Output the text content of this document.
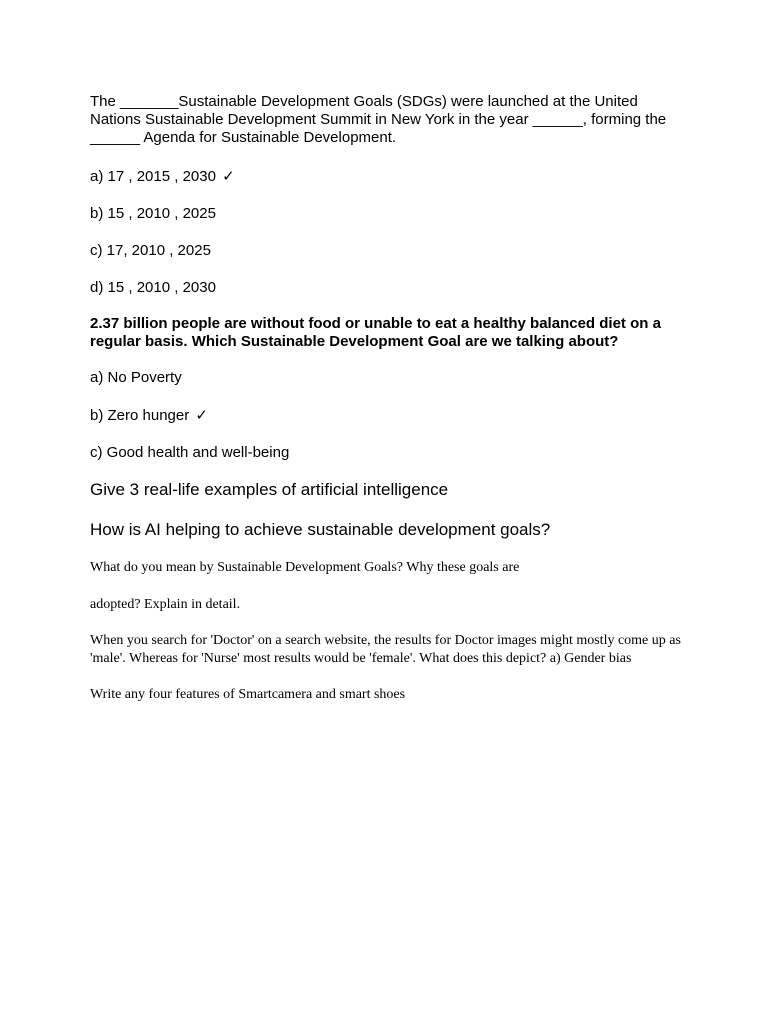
The _______Sustainable Development Goals (SDGs) were launched at the United Nations Sustainable Development Summit in New York in the year ______, forming the ______ Agenda for Sustainable Development.

a) 17 , 2015 , 2030 ✓

b) 15 , 2010 , 2025

c) 17, 2010 , 2025

d) 15 , 2010 , 2030

2.37 billion people are without food or unable to eat a healthy balanced diet on a regular basis. Which Sustainable Development Goal are we talking about?

a) No Poverty

b) Zero hunger ✓

c) Good health and well-being

Give 3 real-life examples of artificial intelligence

How is AI helping to achieve sustainable development goals?

What do you mean by Sustainable Development Goals? Why these goals are

adopted? Explain in detail.

When you search for 'Doctor' on a search website, the results for Doctor images might mostly come up as 'male'. Whereas for 'Nurse' most results would be 'female'. What does this depict? a) Gender bias

Write any four features of Smartcamera and smart shoes
